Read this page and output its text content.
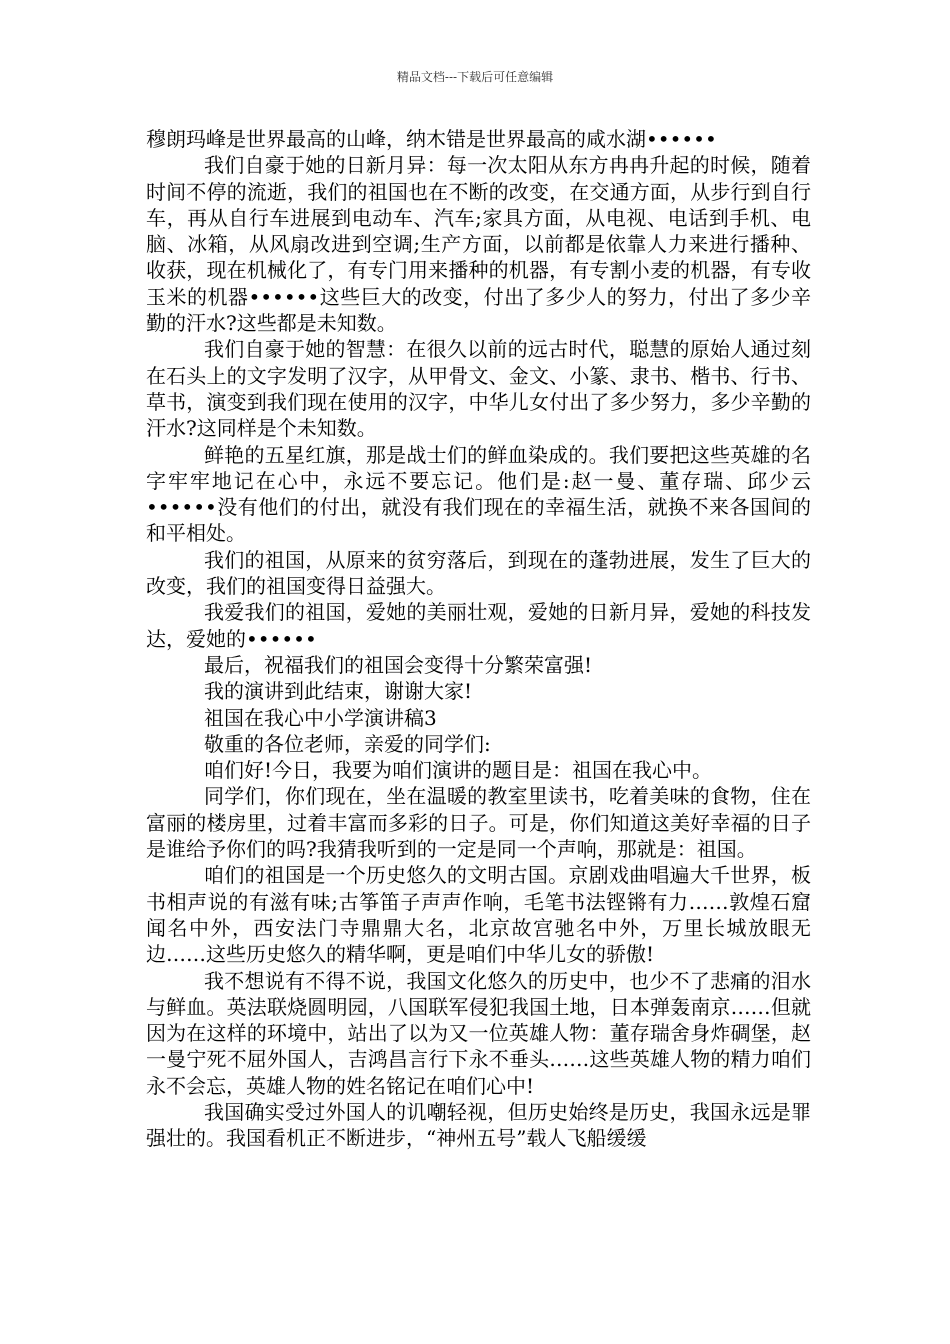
精品文档---下载后可任意编辑

穆朗玛峰是世界最高的山峰，纳木错是世界最高的咸水湖••••••

我们自豪于她的日新月异：每一次太阳从东方冉冉升起的时候，随着时间不停的流逝，我们的祖国也在不断的改变，在交通方面，从步行到自行车，再从自行车进展到电动车、汽车;家具方面，从电视、电话到手机、电脑、冰箱，从风扇改进到空调;生产方面，以前都是依靠人力来进行播种、收获，现在机械化了，有专门用来播种的机器，有专割小麦的机器，有专收玉米的机器••••••这些巨大的改变，付出了多少人的努力，付出了多少辛勤的汗水?这些都是未知数。

我们自豪于她的智慧：在很久以前的远古时代，聪慧的原始人通过刻在石头上的文字发明了汉字，从甲骨文、金文、小篆、隶书、楷书、行书、草书，演变到我们现在使用的汉字，中华儿女付出了多少努力，多少辛勤的汗水?这同样是个未知数。

鲜艳的五星红旗，那是战士们的鲜血染成的。我们要把这些英雄的名字牢牢地记在心中，永远不要忘记。他们是:赵一曼、董存瑞、邱少云••••••没有他们的付出，就没有我们现在的幸福生活，就换不来各国间的和平相处。

我们的祖国，从原来的贫穷落后，到现在的蓬勃进展，发生了巨大的改变，我们的祖国变得日益强大。

我爱我们的祖国，爱她的美丽壮观，爱她的日新月异，爱她的科技发达，爱她的••••••

最后，祝福我们的祖国会变得十分繁荣富强!

我的演讲到此结束，谢谢大家!

祖国在我心中小学演讲稿3

敬重的各位老师，亲爱的同学们:

咱们好!今日，我要为咱们演讲的题目是：祖国在我心中。

同学们，你们现在，坐在温暖的教室里读书，吃着美味的食物，住在富丽的楼房里，过着丰富而多彩的日子。可是，你们知道这美好幸福的日子是谁给予你们的吗?我猜我听到的一定是同一个声响，那就是：祖国。

咱们的祖国是一个历史悠久的文明古国。京剧戏曲唱遍大千世界，板书相声说的有滋有味;古筝笛子声声作响，毛笔书法铿锵有力……敦煌石窟闻名中外，西安法门寺鼎鼎大名，北京故宫驰名中外，万里长城放眼无边……这些历史悠久的精华啊，更是咱们中华儿女的骄傲!

我不想说有不得不说，我国文化悠久的历史中，也少不了悲痛的泪水与鲜血。英法联烧圆明园，八国联军侵犯我国土地，日本弹轰南京……但就因为在这样的环境中，站出了以为又一位英雄人物：董存瑞舍身炸碉堡，赵一曼宁死不屈外国人，吉鸿昌言行下永不垂头……这些英雄人物的精力咱们永不会忘，英雄人物的姓名铭记在咱们心中!

我国确实受过外国人的讥嘲轻视，但历史始终是历史，我国永远是罪强壮的。我国看机正不断进步，“神州五号”载人飞船缓缓
